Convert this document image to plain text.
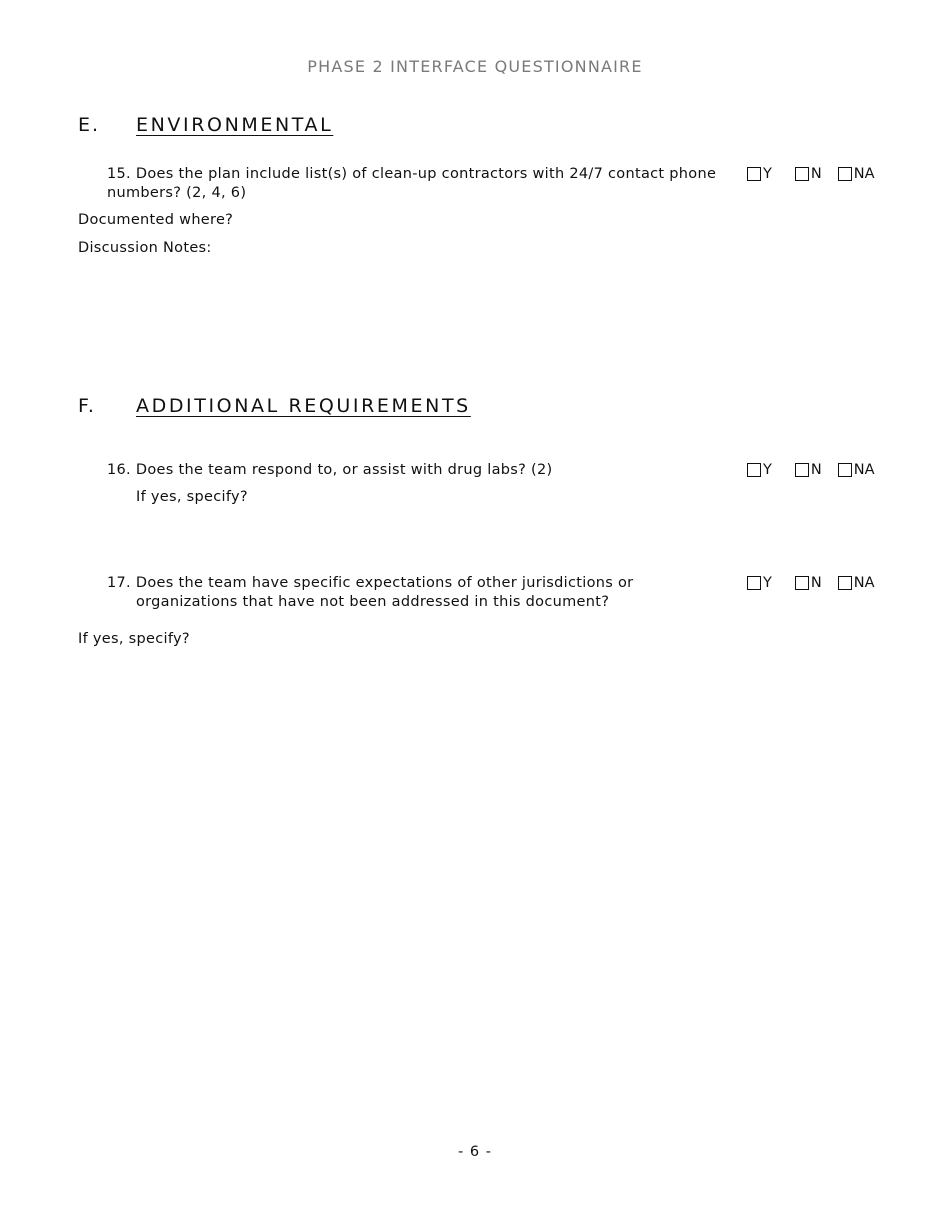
PHASE 2 INTERFACE QUESTIONNAIRE
E. ENVIRONMENTAL
15. Does the plan include list(s) of clean-up contractors with 24/7 contact phone
numbers? (2, 4, 6)
Y	N NA
Documented where?
Discussion Notes:
F. ADDITIONAL REQUIREMENTS
16. Does the team respond to, or assist with drug labs? (2)	Y	N NA
If yes, specify?
17. Does the team have specific expectations of other jurisdictions or
organizations that have not been addressed in this document?
Y	N NA
If yes, specify?
- 6 -
